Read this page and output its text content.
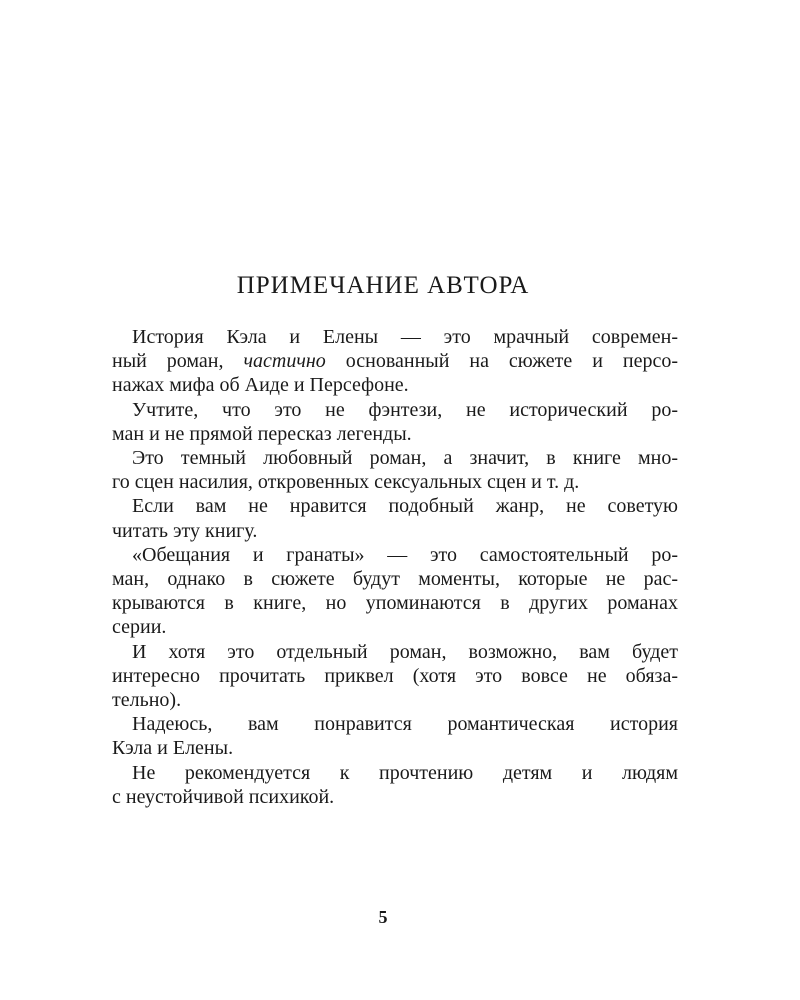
ПРИМЕЧАНИЕ АВТОРА

История Кэла и Елены — это мрачный современ-
ный роман, частично основанный на сюжете и персо-
нажах мифа об Аиде и Персефоне.

Учтите, что это не фэнтези, не исторический ро-
ман и не прямой пересказ легенды.

Это темный любовный роман, а значит, в книге мно-
го сцен насилия, откровенных сексуальных сцен и т. д.

Если вам не нравится подобный жанр, не советую
читать эту книгу.

«Обещания и гранаты» — это самостоятельный ро-
ман, однако в сюжете будут моменты, которые не рас-
крываются в книге, но упоминаются в других романах
серии.

И хотя это отдельный роман, возможно, вам будет
интересно прочитать приквел (хотя это вовсе не обяза-
тельно).

Надеюсь, вам понравится романтическая история
Кэла и Елены.

Не рекомендуется к прочтению детям и людям
с неустойчивой психикой.

5
